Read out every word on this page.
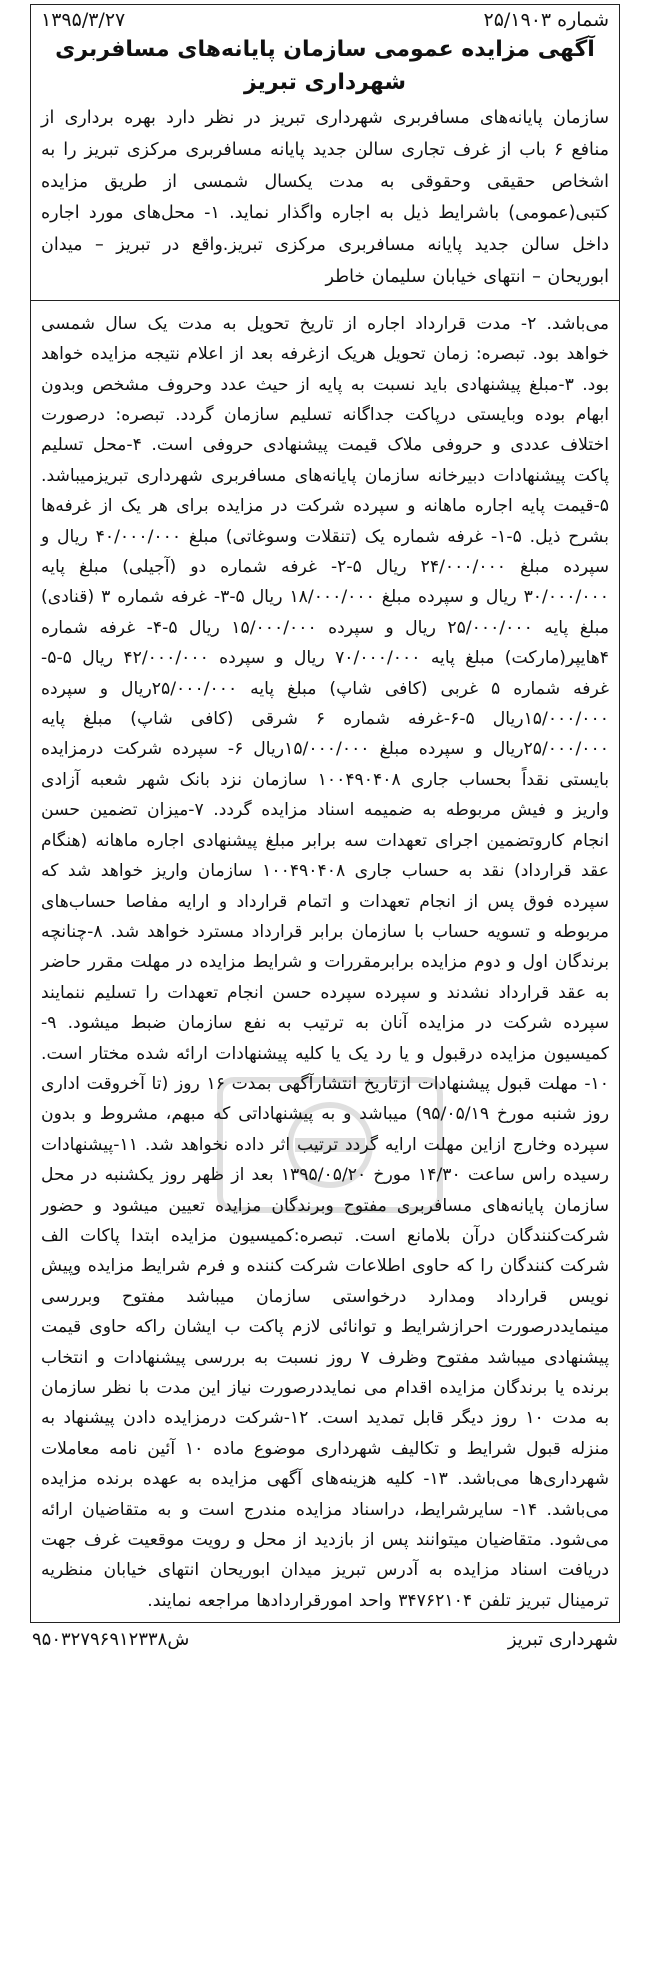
شماره ۲۵/۱۹۰۳
۱۳۹۵/۳/۲۷
آگهی مزایده عمومی سازمان پایانه‌های مسافربری
شهرداری تبریز

سازمان پایانه‌های مسافربری شهرداری تبریز در نظر دارد بهره برداری از منافع ۶ باب از غرف تجاری سالن جدید پایانه مسافربری مرکزی تبریز را به اشخاص حقیقی وحقوقی به مدت یکسال شمسی از طریق مزایده کتبی(عمومی) باشرایط ذیل به اجاره واگذار نماید. ۱- محل‌های مورد اجاره داخل سالن جدید پایانه مسافربری مرکزی تبریز.واقع در تبریز – میدان ابوریحان – انتهای خیابان سلیمان خاطر

می‌باشد. ۲- مدت قرارداد اجاره از تاریخ تحویل به مدت یک سال شمسی خواهد بود. تبصره: زمان تحویل هریک ازغرفه بعد از اعلام نتیجه مزایده خواهد بود. ۳-مبلغ پیشنهادی باید نسبت به پایه از حیث عدد وحروف مشخص وبدون ابهام بوده وبایستی درپاکت جداگانه تسلیم سازمان گردد. تبصره: درصورت اختلاف عددی و حروفی ملاک قیمت پیشنهادی حروفی است. ۴-محل تسلیم پاکت پیشنهادات دبیرخانه سازمان پایانه‌های مسافربری شهرداری تبریزمیباشد. ۵-قیمت پایه اجاره ماهانه و سپرده شرکت در مزایده برای هر یک از غرفه‌ها بشرح ذیل. ۵-۱- غرفه شماره یک (تنقلات وسوغاتی) مبلغ ۴۰/۰۰۰/۰۰۰ ریال و سپرده مبلغ ۲۴/۰۰۰/۰۰۰ ریال ۵-۲- غرفه شماره دو (آجیلی) مبلغ پایه ۳۰/۰۰۰/۰۰۰ ریال و سپرده مبلغ ۱۸/۰۰۰/۰۰۰ ریال ۵-۳- غرفه شماره ۳ (قنادی) مبلغ پایه ۲۵/۰۰۰/۰۰۰ ریال و سپرده ۱۵/۰۰۰/۰۰۰ ریال ۵-۴- غرفه شماره ۴هایپر(مارکت) مبلغ پایه ۷۰/۰۰۰/۰۰۰ ریال و سپرده ۴۲/۰۰۰/۰۰۰ ریال ۵-۵-غرفه شماره ۵ غربی (کافی شاپ) مبلغ پایه ۲۵/۰۰۰/۰۰۰ریال و سپرده ۱۵/۰۰۰/۰۰۰ریال ۵-۶-غرفه شماره ۶ شرقی (کافی شاپ) مبلغ پایه ۲۵/۰۰۰/۰۰۰ریال و سپرده مبلغ ۱۵/۰۰۰/۰۰۰ریال ۶- سپرده شرکت درمزایده بایستی نقداً بحساب جاری ۱۰۰۴۹۰۴۰۸ سازمان نزد بانک شهر شعبه آزادی واریز و فیش مربوطه به ضمیمه اسناد مزایده گردد. ۷-میزان تضمین حسن انجام کاروتضمین اجرای تعهدات سه برابر مبلغ پیشنهادی اجاره ماهانه (هنگام عقد قرارداد) نقد به حساب جاری ۱۰۰۴۹۰۴۰۸ سازمان واریز خواهد شد که سپرده فوق پس از انجام تعهدات و اتمام قرارداد و ارایه مفاصا حساب‌های مربوطه و تسویه حساب با سازمان برابر قرارداد مسترد خواهد شد. ۸-چنانچه برندگان اول و دوم مزایده برابرمقررات و شرایط مزایده در مهلت مقرر حاضر به عقد قرارداد نشدند و سپرده سپرده حسن انجام تعهدات را تسلیم ننمایند سپرده شرکت در مزایده آنان به ترتیب به نفع سازمان ضبط میشود. ۹-کمیسیون مزایده درقبول و یا رد یک یا کلیه پیشنهادات ارائه شده مختار است. ۱۰- مهلت قبول پیشنهادات ازتاریخ انتشارآگهی بمدت ۱۶ روز (تا آخروقت اداری روز شنبه مورخ ۹۵/۰۵/۱۹) میباشد و به پیشنهاداتی که مبهم، مشروط و بدون سپرده وخارج ازاین مهلت ارایه گردد ترتیب اثر داده نخواهد شد. ۱۱-پیشنهادات رسیده راس ساعت ۱۴/۳۰ مورخ ۱۳۹۵/۰۵/۲۰ بعد از ظهر روز یکشنبه در محل سازمان پایانه‌های مسافربری مفتوح وبرندگان مزایده تعیین میشود و حضور شرکت‌کنندگان درآن بلامانع است. تبصره:کمیسیون مزایده ابتدا پاکات الف شرکت کنندگان را که حاوی اطلاعات شرکت کننده و فرم شرایط مزایده وپیش نویس قرارداد ومدارد درخواستی سازمان میباشد مفتوح وبررسی مینمایددرصورت احرازشرایط و توانائی لازم پاکت ب ایشان راکه حاوی قیمت پیشنهادی میباشد مفتوح وظرف ۷ روز نسبت به بررسی پیشنهادات و انتخاب برنده یا برندگان مزایده اقدام می نمایددرصورت نیاز این مدت با نظر سازمان به مدت ۱۰ روز دیگر قابل تمدید است. ۱۲-شرکت درمزایده دادن پیشنهاد به منزله قبول شرایط و تکالیف شهرداری موضوع ماده ۱۰ آئین نامه معاملات شهرداری‌ها می‌باشد. ۱۳- کلیه هزینه‌های آگهی مزایده به عهده برنده مزایده می‌باشد. ۱۴- سایرشرایط، دراسناد مزایده مندرج است و به متقاضیان ارائه می‌شود. متقاضیان میتوانند پس از بازدید از محل و رویت موقعیت غرف جهت دریافت اسناد مزایده به آدرس تبریز میدان ابوریحان انتهای خیابان منظریه ترمینال تبریز تلفن ۳۴۷۶۲۱۰۴ واحد امورقراردادها مراجعه نمایند.

شهرداری تبریز
ش۹۵۰۳۲۷۹۶۹۱۲۳۳۸
